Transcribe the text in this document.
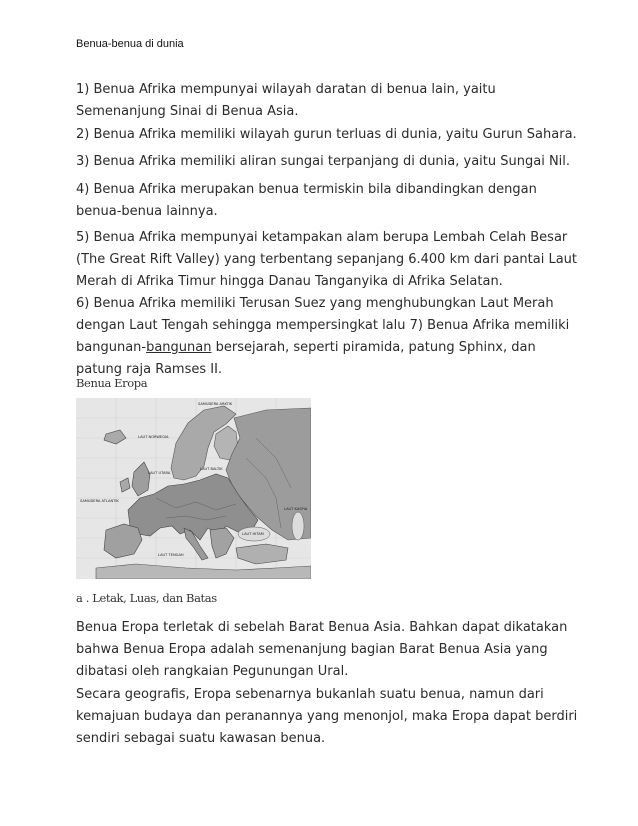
Benua-benua di dunia
1) Benua Afrika mempunyai wilayah daratan di benua lain, yaitu
Semenanjung Sinai di Benua Asia.
2) Benua Afrika memiliki wilayah gurun terluas di dunia, yaitu Gurun Sahara.
3) Benua Afrika memiliki aliran sungai terpanjang di dunia, yaitu Sungai Nil.
4) Benua Afrika merupakan benua termiskin bila dibandingkan dengan
benua-benua lainnya.
5) Benua Afrika mempunyai ketampakan alam berupa Lembah Celah Besar
(The Great Rift Valley) yang terbentang sepanjang 6.400 km dari pantai Laut
Merah di Afrika Timur hingga Danau Tanganyika di Afrika Selatan.
6) Benua Afrika memiliki Terusan Suez yang menghubungkan Laut Merah
dengan Laut Tengah sehingga mempersingkat lalu 7) Benua Afrika memiliki
bangunan-bangunan bersejarah, seperti piramida, patung Sphinx, dan
patung raja Ramses II.
Benua Eropa
SAMUDERA ARKTIK
LAUT NORWEGIA
LAUT UTARA
LAUT BALTIK
SAMUDERA ATLANTIK
LAUT TENGAH
LAUT HITAM
LAUT KASPIA
a . Letak, Luas, dan Batas
Benua Eropa terletak di sebelah Barat Benua Asia. Bahkan dapat dikatakan
bahwa Benua Eropa adalah semenanjung bagian Barat Benua Asia yang
dibatasi oleh rangkaian Pegunungan Ural.
Secara geografis, Eropa sebenarnya bukanlah suatu benua, namun dari
kemajuan budaya dan peranannya yang menonjol, maka Eropa dapat berdiri
sendiri sebagai suatu kawasan benua.
